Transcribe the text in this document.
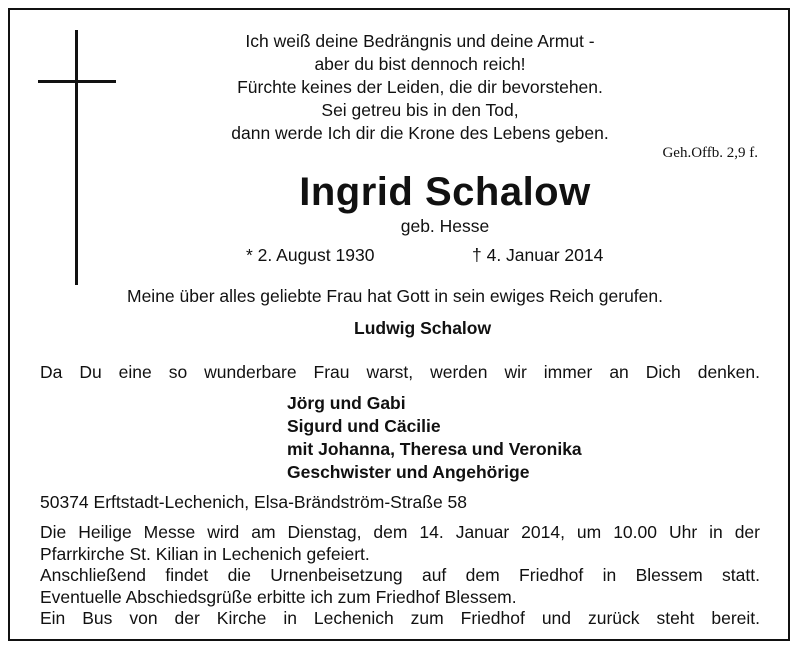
Ich weiß deine Bedrängnis und deine Armut -
aber du bist dennoch reich!
Fürchte keines der Leiden, die dir bevorstehen.
Sei getreu bis in den Tod,
dann werde Ich dir die Krone des Lebens geben.
Geh.Offb. 2,9 f.
Ingrid Schalow
geb. Hesse
* 2. August 1930	† 4. Januar 2014
Meine über alles geliebte Frau hat Gott in sein ewiges Reich gerufen.
Ludwig Schalow
Da Du eine so wunderbare Frau warst, werden wir immer an Dich denken.
Jörg und Gabi
Sigurd und Cäcilie
mit Johanna, Theresa und Veronika
Geschwister und Angehörige
50374 Erftstadt-Lechenich, Elsa-Brändström-Straße 58
Die Heilige Messe wird am Dienstag, dem 14. Januar 2014, um 10.00 Uhr in der
Pfarrkirche St. Kilian in Lechenich gefeiert.
Anschließend findet die Urnenbeisetzung auf dem Friedhof in Blessem statt.
Eventuelle Abschiedsgrüße erbitte ich zum Friedhof Blessem.
Ein Bus von der Kirche in Lechenich zum Friedhof und zurück steht bereit.
